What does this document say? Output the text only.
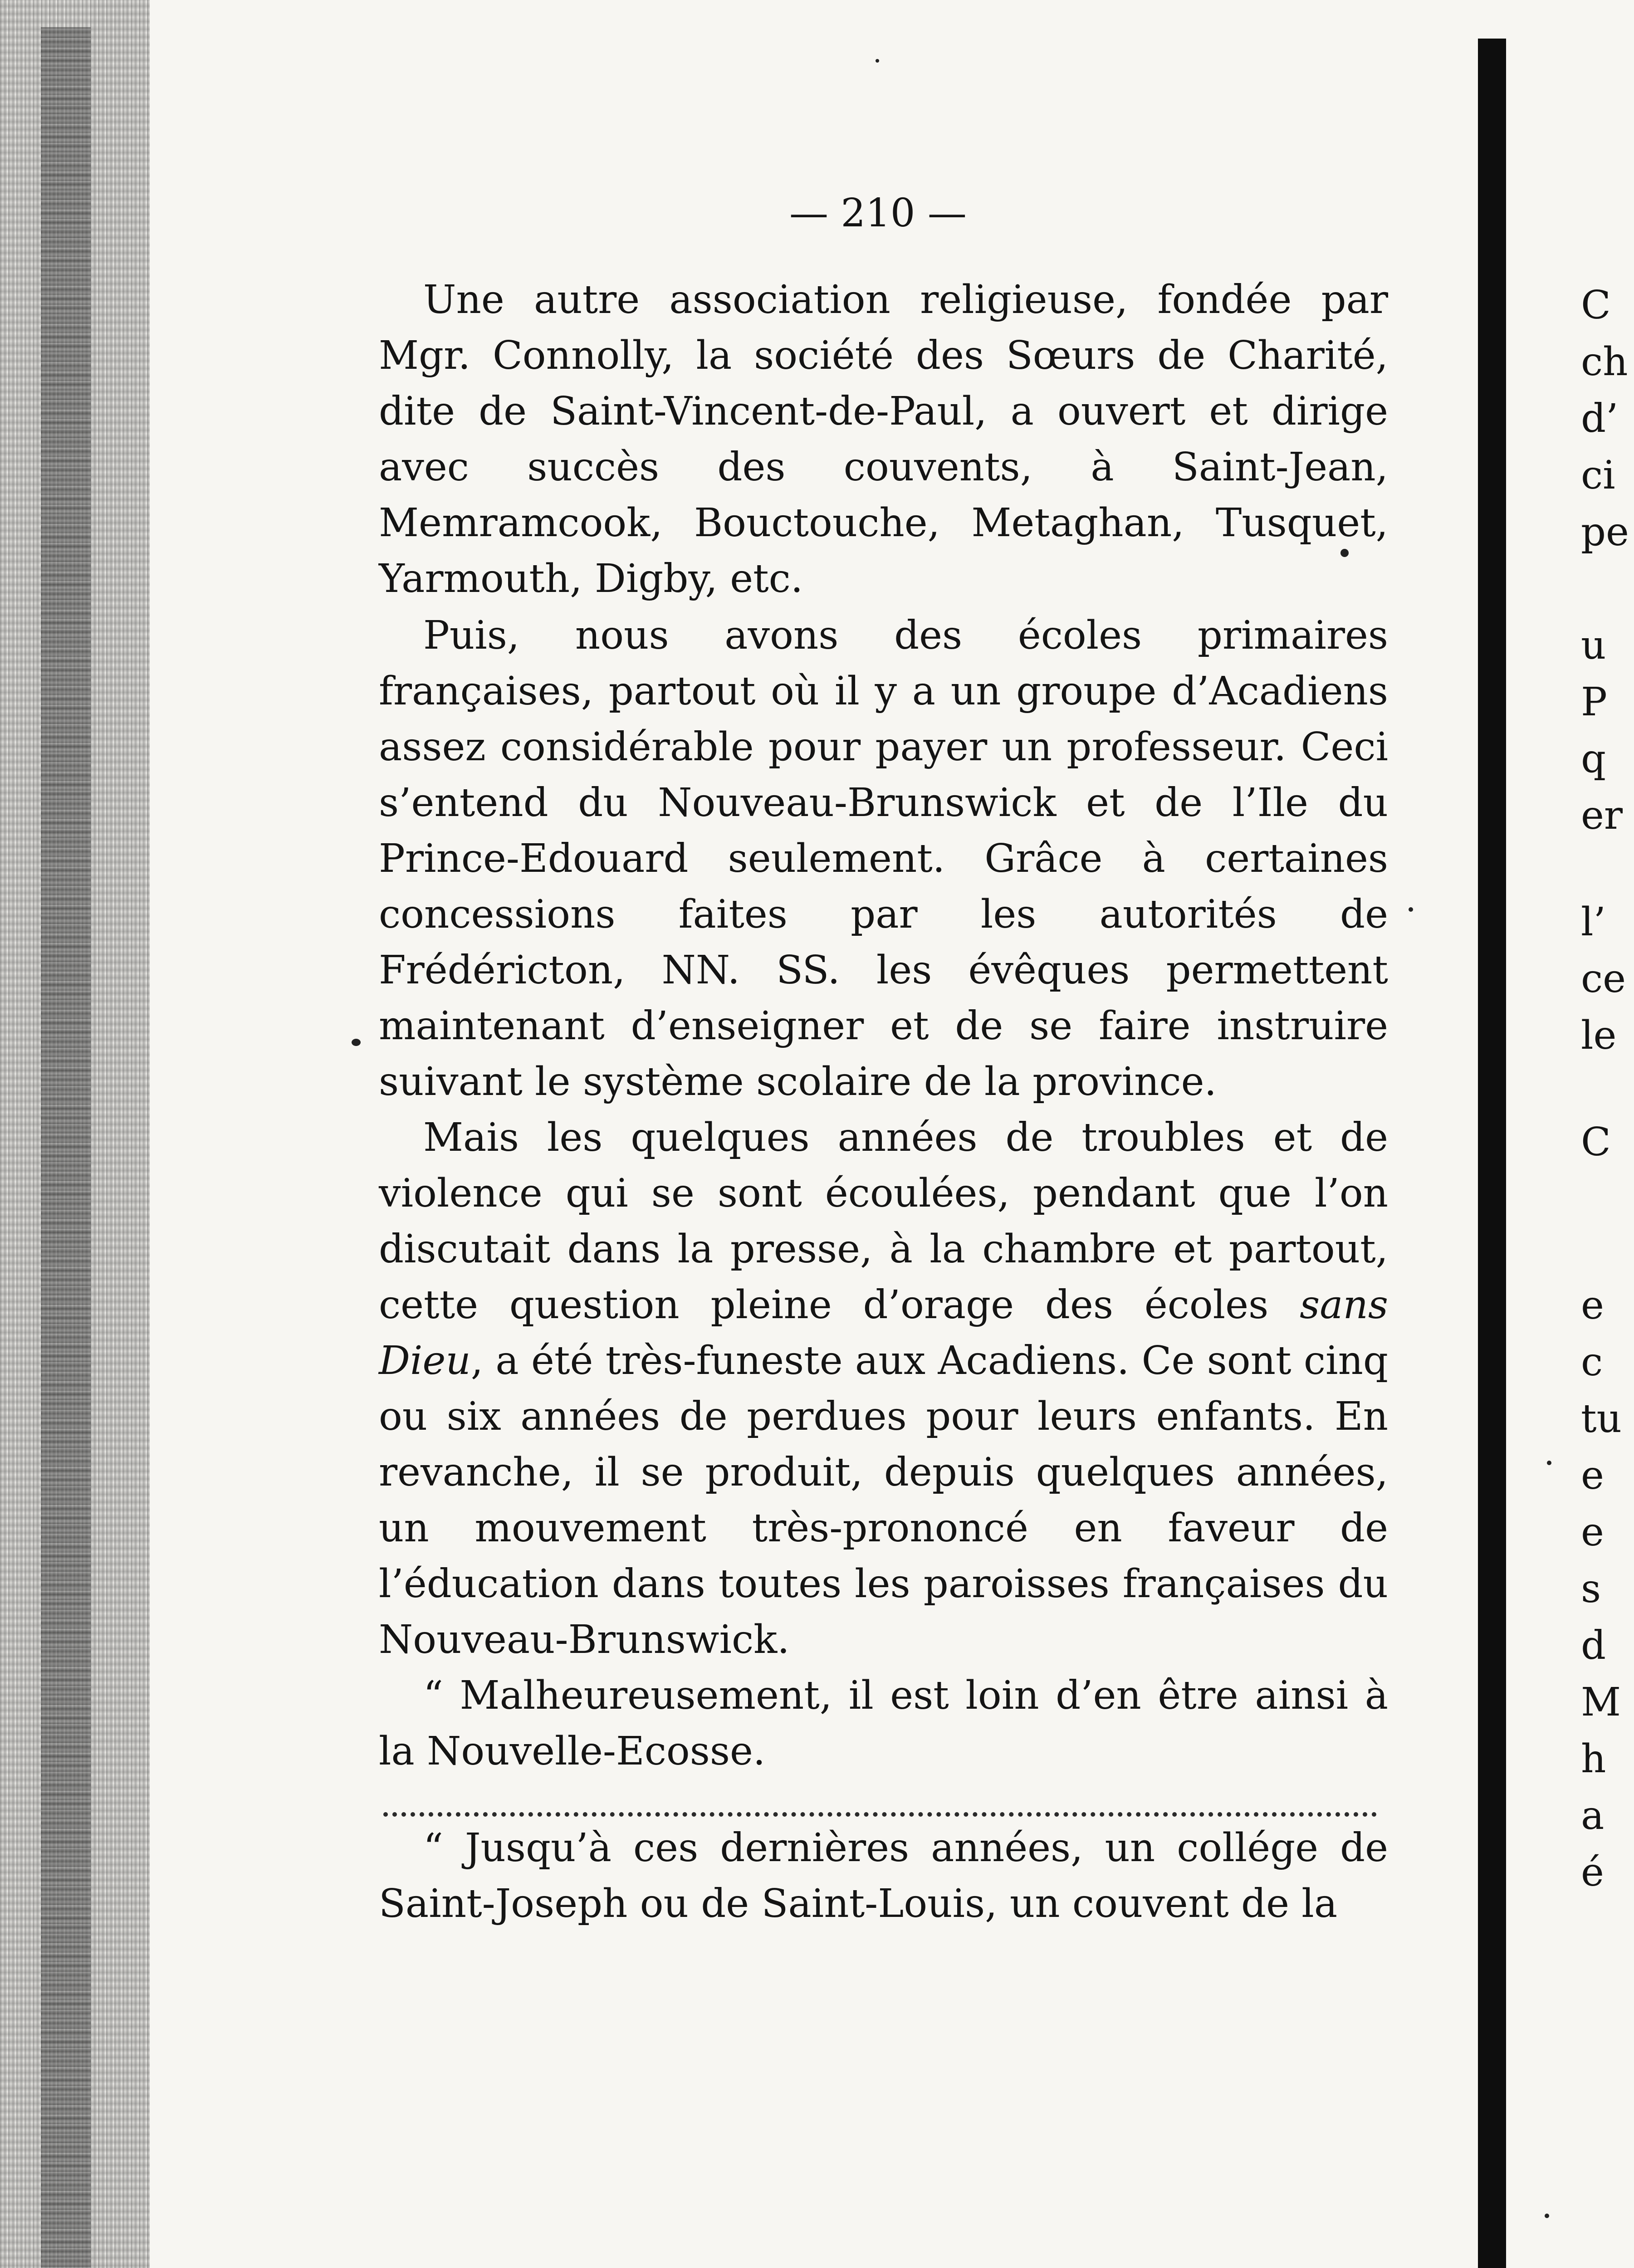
— 210 —

Une autre association religieuse, fondée par Mgr. Connolly, la société des Sœurs de Charité, dite de Saint-Vincent-de-Paul, a ouvert et dirige avec succès des couvents, à Saint-Jean, Memramcook, Bouctouche, Metaghan, Tusquet, Yarmouth, Digby, etc.

Puis, nous avons des écoles primaires françaises, partout où il y a un groupe d’Acadiens assez considérable pour payer un professeur. Ceci s’entend du Nouveau-Brunswick et de l’Ile du Prince-Edouard seulement. Grâce à certaines concessions faites par les autorités de Frédéricton, NN. SS. les évêques permettent maintenant d’enseigner et de se faire instruire suivant le système scolaire de la province.

Mais les quelques années de troubles et de violence qui se sont écoulées, pendant que l’on discutait dans la presse, à la chambre et partout, cette question pleine d’orage des écoles sans Dieu, a été très-funeste aux Acadiens. Ce sont cinq ou six années de perdues pour leurs enfants. En revanche, il se produit, depuis quelques années, un mouvement très-prononcé en faveur de l’éducation dans toutes les paroisses françaises du Nouveau-Brunswick.

“ Malheureusement, il est loin d’en être ainsi à la Nouvelle-Ecosse.

“ Jusqu’à ces dernières années, un collége de Saint-Joseph ou de Saint-Louis, un couvent de la

C
ch
d’
ci
pe
u
P
q
er
l’
ce
le
C
e
c
tu
e
e
s
d
M
h
a
é
